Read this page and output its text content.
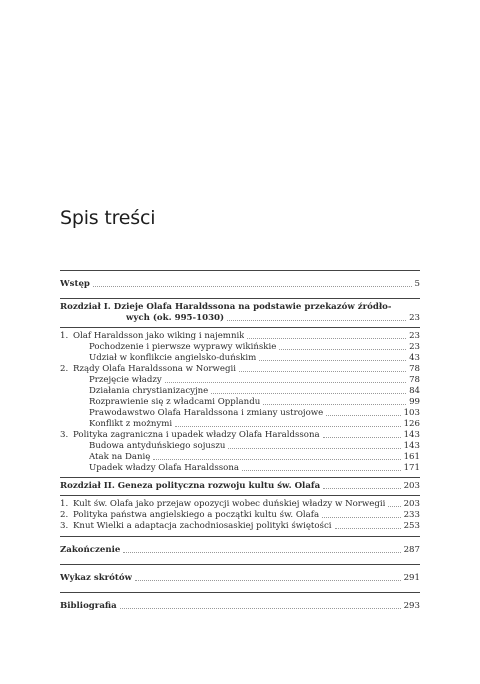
Spis treści
Wstęp	5
Rozdział I. Dzieje Olafa Haraldssona na podstawie przekazów źródło-
wych (ok. 995-1030)	23
1. Olaf Haraldsson jako wiking i najemnik	23
Pochodzenie i pierwsze wyprawy wikińskie	23
Udział w konflikcie angielsko-duńskim	43
2. Rządy Olafa Haraldssona w Norwegii	78
Przejęcie władzy	78
Działania chrystianizacyjne	84
Rozprawienie się z władcami Opplandu	99
Prawodawstwo Olafa Haraldssona i zmiany ustrojowe	103
Konflikt z możnymi	126
3. Polityka zagraniczna i upadek władzy Olafa Haraldssona	143
Budowa antyduńskiego sojuszu	143
Atak na Danię	161
Upadek władzy Olafa Haraldssona	171
Rozdział II. Geneza polityczna rozwoju kultu św. Olafa	203
1. Kult św. Olafa jako przejaw opozycji wobec duńskiej władzy w Norwegii 203
2. Polityka państwa angielskiego a początki kultu św. Olafa	233
3. Knut Wielki a adaptacja zachodniosaskiej polityki świętości	253
Zakończenie	287
Wykaz skrótów	291
Bibliografia	293
